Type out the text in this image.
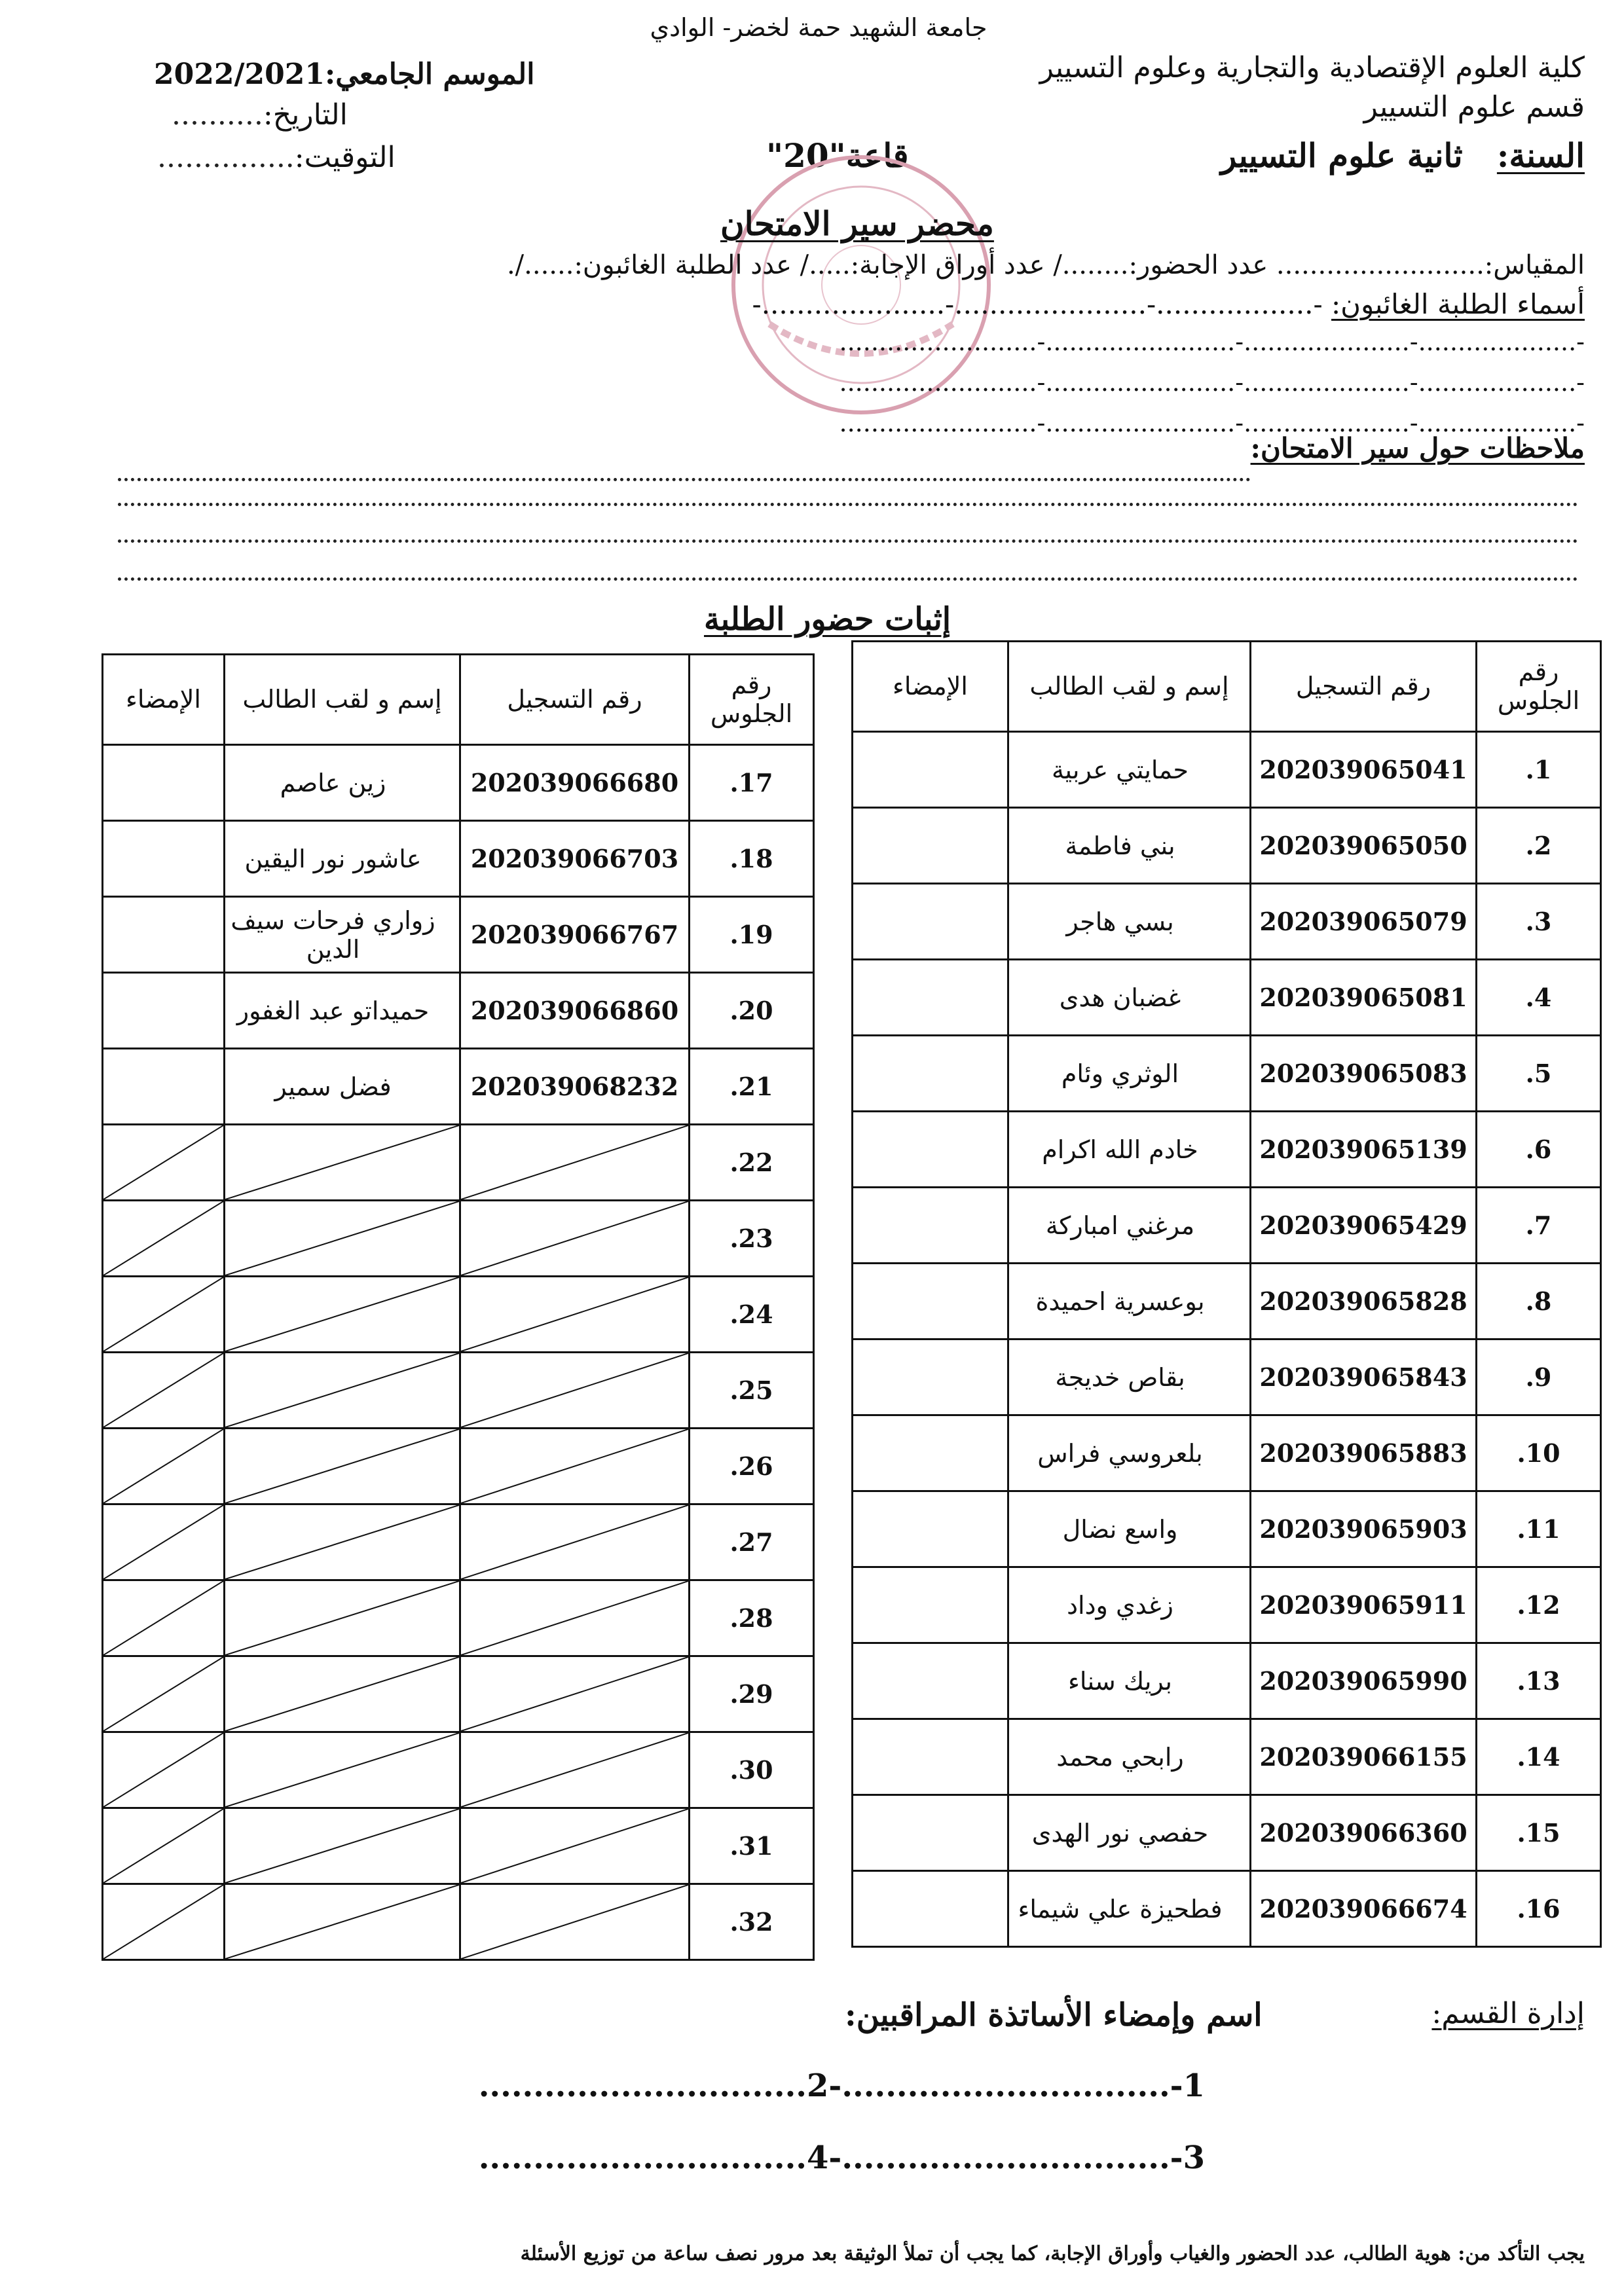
جامعة الشهيد حمة لخضر- الوادي
كلية العلوم الإقتصادية والتجارية وعلوم التسيير
قسم علوم التسيير
السنة:   ثانية علوم التسيير
قاعة"20"
الموسم الجامعي:2022/2021
التاريخ:..........
التوقيت:...............
محضر سير الامتحان
المقياس:......................... عدد الحضور:......../ عدد أوراق الإجابة:...../ عدد الطلبة الغائبون:....../.
أسماء الطلبة الغائبون: -..................-......................-.....................-
-....................-.....................-........................-.........................
-....................-.....................-........................-.........................
-....................-.....................-........................-.........................
ملاحظات حول سير الامتحان:
إثبات حضور الطلبة
رقم الجلوس	رقم التسجيل	إسم و لقب الطالب	الإمضاء
1.	202039065041	حمايتي عربية	
2.	202039065050	بني فاطمة	
3.	202039065079	بسي هاجر	
4.	202039065081	غضبان هدى	
5.	202039065083	الوثري وئام	
6.	202039065139	خادم الله اكرام	
7.	202039065429	مرغني امباركة	
8.	202039065828	بوعسرية احميدة	
9.	202039065843	بقاص خديجة	
10.	202039065883	بلعروسي فراس	
11.	202039065903	واسع نضال	
12.	202039065911	زغدي وداد	
13.	202039065990	بريك سناء	
14.	202039066155	رابحي محمد	
15.	202039066360	حفصي نور الهدى	
16.	202039066674	فطحيزة علي شيماء	
رقم الجلوس	رقم التسجيل	إسم و لقب الطالب	الإمضاء
17.	202039066680	زين عاصم	
18.	202039066703	عاشور نور اليقين	
19.	202039066767	زواري فرحات سيف الدين	
20.	202039066860	حميداتو عبد الغفور	
21.	202039068232	فضل سمير	
22.	

23.	

24.	

25.	

26.	

27.	

28.	

29.	

30.	

31.	

32.	

إدارة القسم:
اسم وإمضاء الأساتذة المراقبين:
1-..............................-2..............................
3-..............................-4..............................
يجب التأكد من: هوية الطالب، عدد الحضور والغياب وأوراق الإجابة، كما يجب أن تملأ الوثيقة بعد مرور نصف ساعة من توزيع الأسئلة
